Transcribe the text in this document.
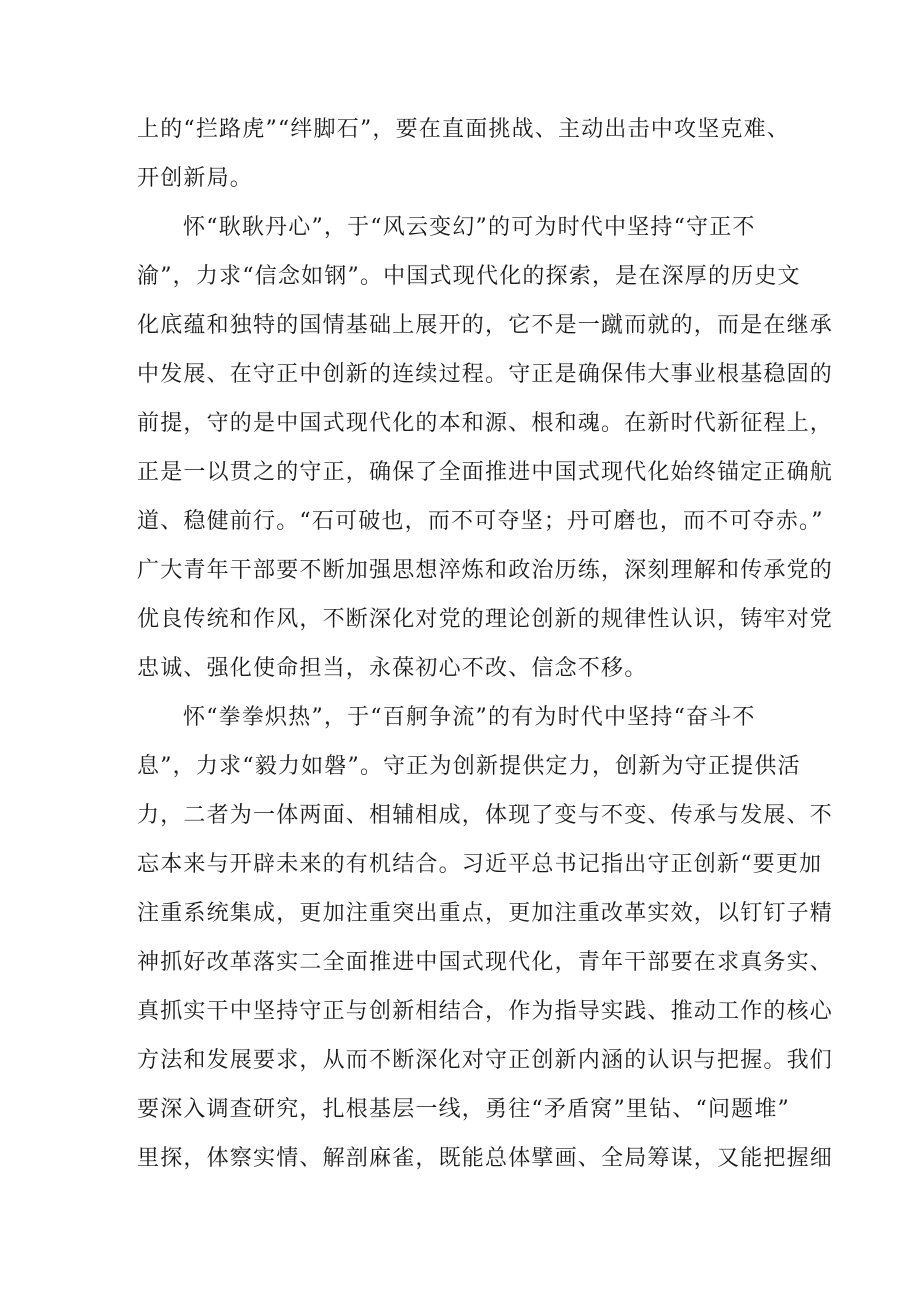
上的“拦路虎”“绊脚石”，要在直面挑战、主动出击中攻坚克难、
开创新局。
怀“耿耿丹心”，于“风云变幻”的可为时代中坚持“守正不
渝”，力求“信念如钢”。中国式现代化的探索，是在深厚的历史文
化底蕴和独特的国情基础上展开的，它不是一蹴而就的，而是在继承
中发展、在守正中创新的连续过程。守正是确保伟大事业根基稳固的
前提，守的是中国式现代化的本和源、根和魂。在新时代新征程上，
正是一以贯之的守正，确保了全面推进中国式现代化始终锚定正确航
道、稳健前行。“石可破也，而不可夺坚；丹可磨也，而不可夺赤。”
广大青年干部要不断加强思想淬炼和政治历练，深刻理解和传承党的
优良传统和作风，不断深化对党的理论创新的规律性认识，铸牢对党
忠诚、强化使命担当，永葆初心不改、信念不移。
怀“拳拳炽热”，于“百舸争流”的有为时代中坚持“奋斗不
息”，力求“毅力如磐”。守正为创新提供定力，创新为守正提供活
力，二者为一体两面、相辅相成，体现了变与不变、传承与发展、不
忘本来与开辟未来的有机结合。习近平总书记指出守正创新“要更加
注重系统集成，更加注重突出重点，更加注重改革实效，以钉钉子精
神抓好改革落实二全面推进中国式现代化，青年干部要在求真务实、
真抓实干中坚持守正与创新相结合，作为指导实践、推动工作的核心
方法和发展要求，从而不断深化对守正创新内涵的认识与把握。我们
要深入调查研究，扎根基层一线，勇往“矛盾窝”里钻、“问题堆”
里探，体察实情、解剖麻雀，既能总体擘画、全局筹谋，又能把握细
